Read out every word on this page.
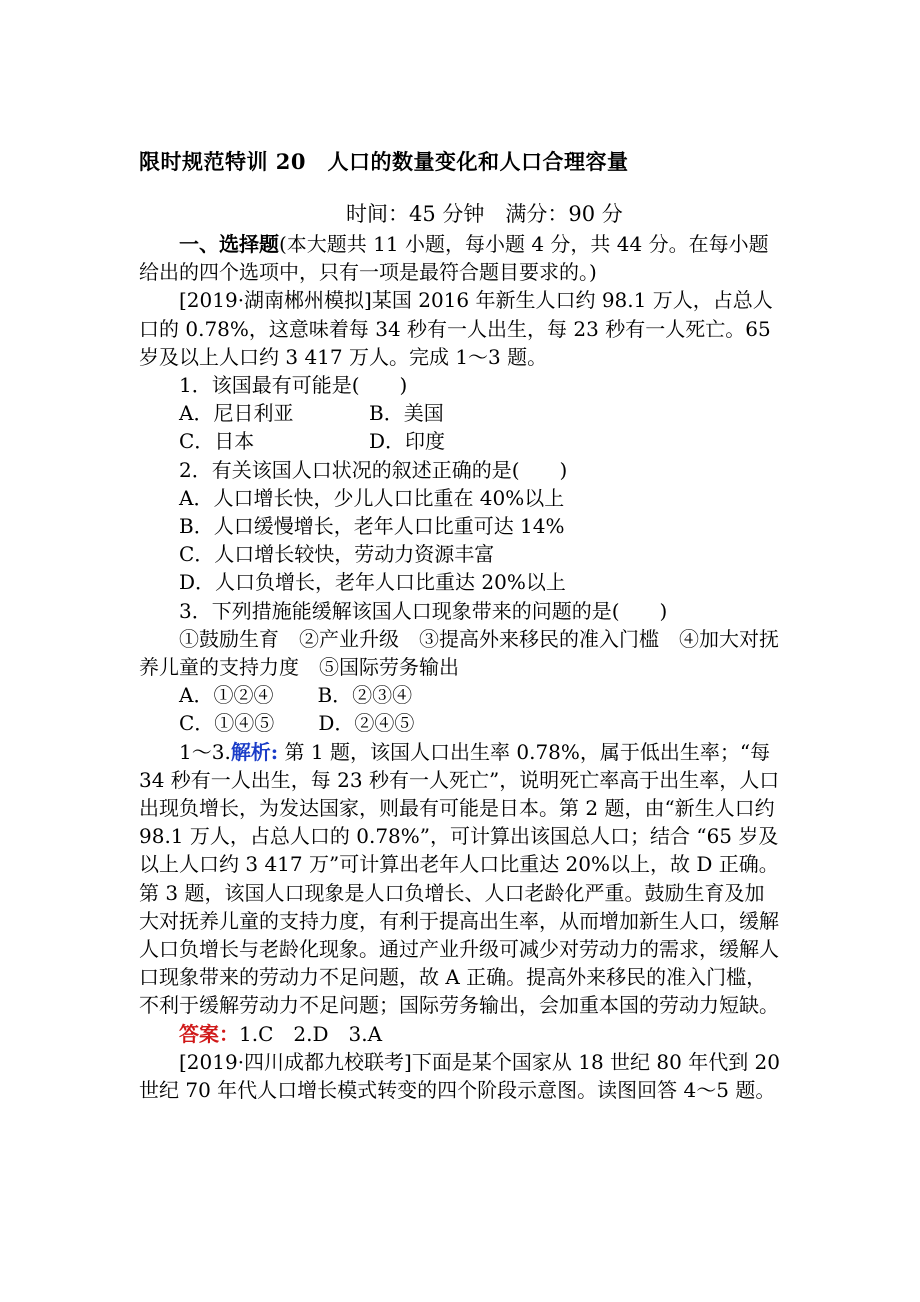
限时规范特训 20　人口的数量变化和人口合理容量
时间：45 分钟　满分：90 分

一、选择题(本大题共 11 小题，每小题 4 分，共 44 分。在每小题给出的四个选项中，只有一项是最符合题目要求的。)

[2019·湖南郴州模拟]某国 2016 年新生人口约 98.1 万人，占总人口的 0.78%，这意味着每 34 秒有一人出生，每 23 秒有一人死亡。65 岁及以上人口约 3 417 万人。完成 1～3 题。

1．该国最有可能是(　　)
A．尼日利亚	B．美国
C．日本	D．印度
2．有关该国人口状况的叙述正确的是(　　)
A．人口增长快，少儿人口比重在 40%以上
B．人口缓慢增长，老年人口比重可达 14%
C．人口增长较快，劳动力资源丰富
D．人口负增长，老年人口比重达 20%以上
3．下列措施能缓解该国人口现象带来的问题的是(　　)

①鼓励生育　②产业升级　③提高外来移民的准入门槛　④加大对抚养儿童的支持力度　⑤国际劳务输出

A．①②④ B．②③④
C．①④⑤ D．②④⑤

1～3.解析: 第 1 题，该国人口出生率 0.78%，属于低出生率；“每 34 秒有一人出生，每 23 秒有一人死亡”，说明死亡率高于出生率，人口出现负增长，为发达国家，则最有可能是日本。第 2 题，由“新生人口约 98.1 万人，占总人口的 0.78%”，可计算出该国总人口；结合 “65 岁及以上人口约 3 417 万”可计算出老年人口比重达 20%以上，故 D 正确。第 3 题，该国人口现象是人口负增长、人口老龄化严重。鼓励生育及加大对抚养儿童的支持力度，有利于提高出生率，从而增加新生人口，缓解人口负增长与老龄化现象。通过产业升级可减少对劳动力的需求，缓解人口现象带来的劳动力不足问题，故 A 正确。提高外来移民的准入门槛，不利于缓解劳动力不足问题；国际劳务输出，会加重本国的劳动力短缺。

答案：1.C　2.D　3.A

[2019·四川成都九校联考]下面是某个国家从 18 世纪 80 年代到 20 世纪 70 年代人口增长模式转变的四个阶段示意图。读图回答 4～5 题。
